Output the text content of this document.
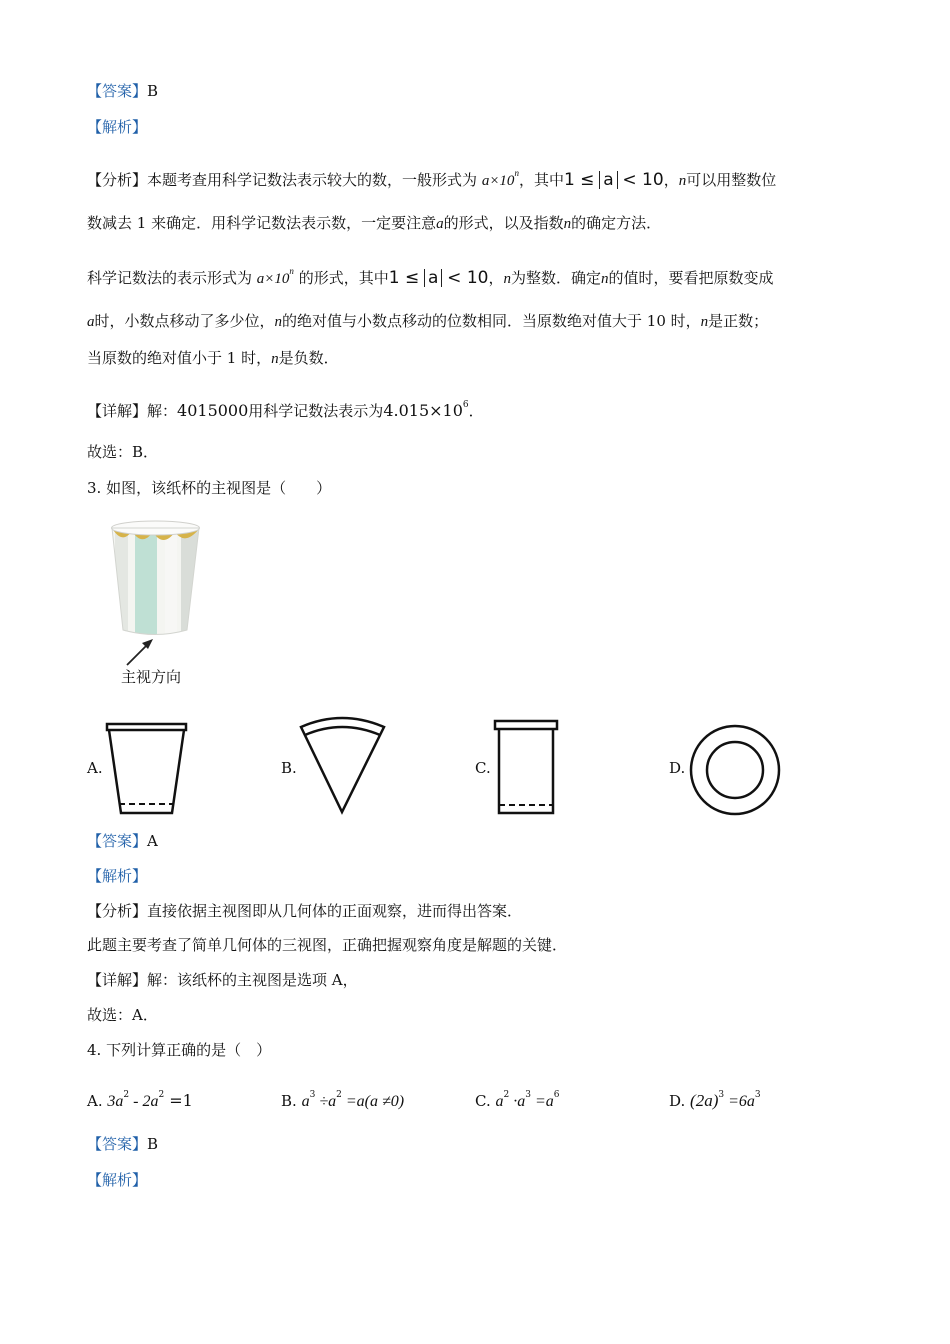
【答案】B
【解析】
【分析】本题考查用科学记数法表示较大的数，一般形式为 $a\times 10^n$，其中1 ≤ a < 10，n可以用整数位
数减去 1 来确定．用科学记数法表示数，一定要注意a的形式，以及指数n的确定方法．
科学记数法的表示形式为 $a\times 10^n$ 的形式，其中1 ≤ a < 10，n为整数．确定n的值时，要看把原数变成
a时，小数点移动了多少位，n的绝对值与小数点移动的位数相同．当原数绝对值大于 10 时，n是正数；
当原数的绝对值小于 1 时，n是负数．
【详解】解：4015000用科学记数法表示为$4.015\times 10^6$．
故选：B．
3. 如图，该纸杯的主视图是（　　）
主视方向
A.	B.	C.	D.
【答案】A
【解析】
【分析】直接依据主视图即从几何体的正面观察，进而得出答案．
此题主要考查了简单几何体的三视图，正确把握观察角度是解题的关键．
【详解】解：该纸杯的主视图是选项 A，
故选：A．
4. 下列计算正确的是（　）
A. $3a^2 - 2a^2 =1$	B. $a^3 \div a^2 =a(a \ne 0)$	C. $a^2 \cdot a^3 =a^6$	D. $(2a)^3 =6a^3$
【答案】B
【解析】
